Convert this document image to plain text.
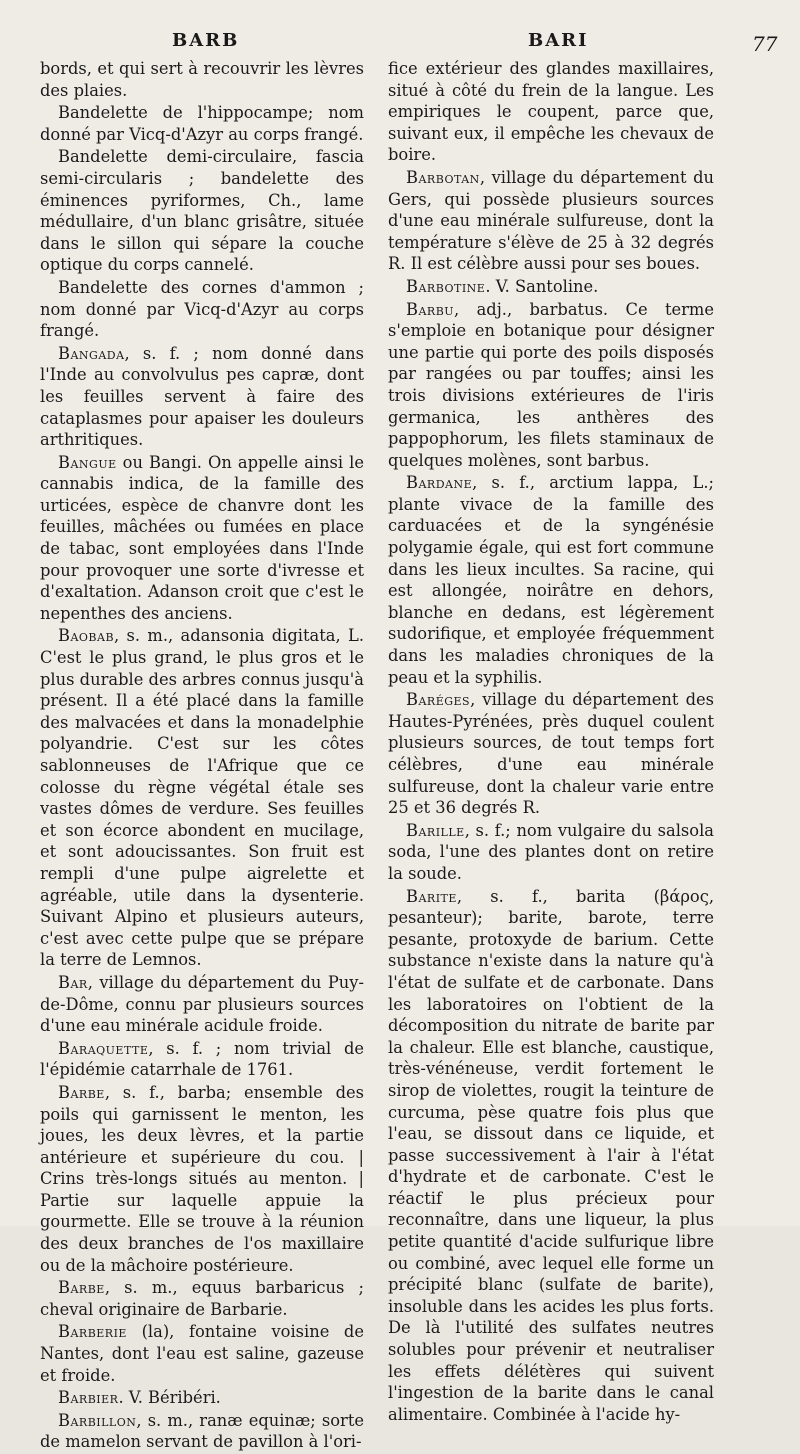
BARB	BARI	77

bords, et qui sert à recouvrir les lèvres des plaies.

Bandelette de l'hippocampe; nom donné par Vicq-d'Azyr au corps frangé.

Bandelette demi-circulaire, fascia semi-circularis ; bandelette des éminences pyriformes, Ch., lame médullaire, d'un blanc grisâtre, située dans le sillon qui sépare la couche optique du corps cannelé.

Bandelette des cornes d'ammon ; nom donné par Vicq-d'Azyr au corps frangé.

Bangada, s. f. ; nom donné dans l'Inde au convolvulus pes capræ, dont les feuilles servent à faire des cataplasmes pour apaiser les douleurs arthritiques.

Bangue ou Bangi. On appelle ainsi le cannabis indica, de la famille des urticées, espèce de chanvre dont les feuilles, mâchées ou fumées en place de tabac, sont employées dans l'Inde pour provoquer une sorte d'ivresse et d'exaltation. Adanson croit que c'est le nepenthes des anciens.

Baobab, s. m., adansonia digitata, L. C'est le plus grand, le plus gros et le plus durable des arbres connus jusqu'à présent. Il a été placé dans la famille des malvacées et dans la monadelphie polyandrie. C'est sur les côtes sablonneuses de l'Afrique que ce colosse du règne végétal étale ses vastes dômes de verdure. Ses feuilles et son écorce abondent en mucilage, et sont adoucissantes. Son fruit est rempli d'une pulpe aigrelette et agréable, utile dans la dysenterie. Suivant Alpino et plusieurs auteurs, c'est avec cette pulpe que se prépare la terre de Lemnos.

Bar, village du département du Puy-de-Dôme, connu par plusieurs sources d'une eau minérale acidule froide.

Baraquette, s. f. ; nom trivial de l'épidémie catarrhale de 1761.

Barbe, s. f., barba; ensemble des poils qui garnissent le menton, les joues, les deux lèvres, et la partie antérieure et supérieure du cou. | Crins très-longs situés au menton. | Partie sur laquelle appuie la gourmette. Elle se trouve à la réunion des deux branches de l'os maxillaire ou de la mâchoire postérieure.

Barbe, s. m., equus barbaricus ; cheval originaire de Barbarie.

Barberie (la), fontaine voisine de Nantes, dont l'eau est saline, gazeuse et froide.

Barbier. V. Béribéri.

Barbillon, s. m., ranæ equinæ; sorte de mamelon servant de pavillon à l'ori-

fice extérieur des glandes maxillaires, situé à côté du frein de la langue. Les empiriques le coupent, parce que, suivant eux, il empêche les chevaux de boire.

Barbotan, village du département du Gers, qui possède plusieurs sources d'une eau minérale sulfureuse, dont la température s'élève de 25 à 32 degrés R. Il est célèbre aussi pour ses boues.

Barbotine. V. Santoline.

Barbu, adj., barbatus. Ce terme s'emploie en botanique pour désigner une partie qui porte des poils disposés par rangées ou par touffes; ainsi les trois divisions extérieures de l'iris germanica, les anthères des pappophorum, les filets staminaux de quelques molènes, sont barbus.

Bardane, s. f., arctium lappa, L.; plante vivace de la famille des carduacées et de la syngénésie polygamie égale, qui est fort commune dans les lieux incultes. Sa racine, qui est allongée, noirâtre en dehors, blanche en dedans, est légèrement sudorifique, et employée fréquemment dans les maladies chroniques de la peau et la syphilis.

Baréges, village du département des Hautes-Pyrénées, près duquel coulent plusieurs sources, de tout temps fort célèbres, d'une eau minérale sulfureuse, dont la chaleur varie entre 25 et 36 degrés R.

Barille, s. f.; nom vulgaire du salsola soda, l'une des plantes dont on retire la soude.

Barite, s. f., barita (βάρος, pesanteur); barite, barote, terre pesante, protoxyde de barium. Cette substance n'existe dans la nature qu'à l'état de sulfate et de carbonate. Dans les laboratoires on l'obtient de la décomposition du nitrate de barite par la chaleur. Elle est blanche, caustique, très-vénéneuse, verdit fortement le sirop de violettes, rougit la teinture de curcuma, pèse quatre fois plus que l'eau, se dissout dans ce liquide, et passe successivement à l'air à l'état d'hydrate et de carbonate. C'est le réactif le plus précieux pour reconnaître, dans une liqueur, la plus petite quantité d'acide sulfurique libre ou combiné, avec lequel elle forme un précipité blanc (sulfate de barite), insoluble dans les acides les plus forts. De là l'utilité des sulfates neutres solubles pour prévenir et neutraliser les effets délétères qui suivent l'ingestion de la barite dans le canal alimentaire. Combinée à l'acide hy-
